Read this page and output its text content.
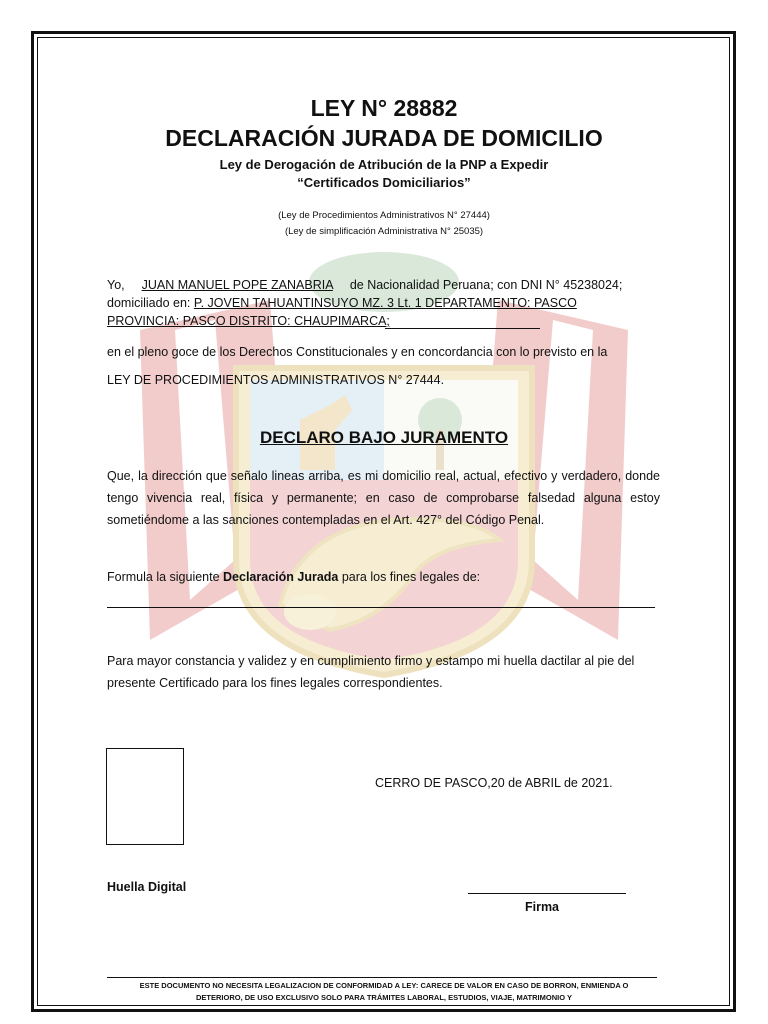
LEY N° 28882
DECLARACIÓN JURADA DE DOMICILIO
Ley de Derogación de Atribución de la PNP a Expedir
“Certificados Domiciliarios”
(Ley de Procedimientos Administrativos N° 27444)
(Ley de simplificación Administrativa N° 25035)
Yo, JUAN MANUEL POPE ZANABRIA de Nacionalidad Peruana; con DNI N° 45238024;
domiciliado en: P. JOVEN TAHUANTINSUYO MZ. 3 Lt. 1 DEPARTAMENTO: PASCO
PROVINCIA: PASCO DISTRITO: CHAUPIMARCA;
en el pleno goce de los Derechos Constitucionales y en concordancia con lo previsto en la
LEY DE PROCEDIMIENTOS ADMINISTRATIVOS N° 27444.
DECLARO BAJO JURAMENTO
Que, la dirección que señalo lineas arriba, es mi domicilio real, actual, efectivo y verdadero, donde tengo vivencia real, física y permanente; en caso de comprobarse falsedad alguna estoy sometiéndome a las sanciones contempladas en el Art. 427° del Código Penal.
Formula la siguiente Declaración Jurada para los fines legales de:
Para mayor constancia y validez y en cumplimiento firmo y estampo mi huella dactilar al pie del presente Certificado para los fines legales correspondientes.
CERRO DE PASCO,20 de ABRIL de 2021.
Huella Digital
Firma
ESTE DOCUMENTO NO NECESITA LEGALIZACION DE CONFORMIDAD A LEY: CARECE DE VALOR EN CASO DE BORRON, ENMIENDA O
DETERIORO, DE USO EXCLUSIVO SOLO PARA TRÁMITES LABORAL, ESTUDIOS, VIAJE, MATRIMONIO Y
